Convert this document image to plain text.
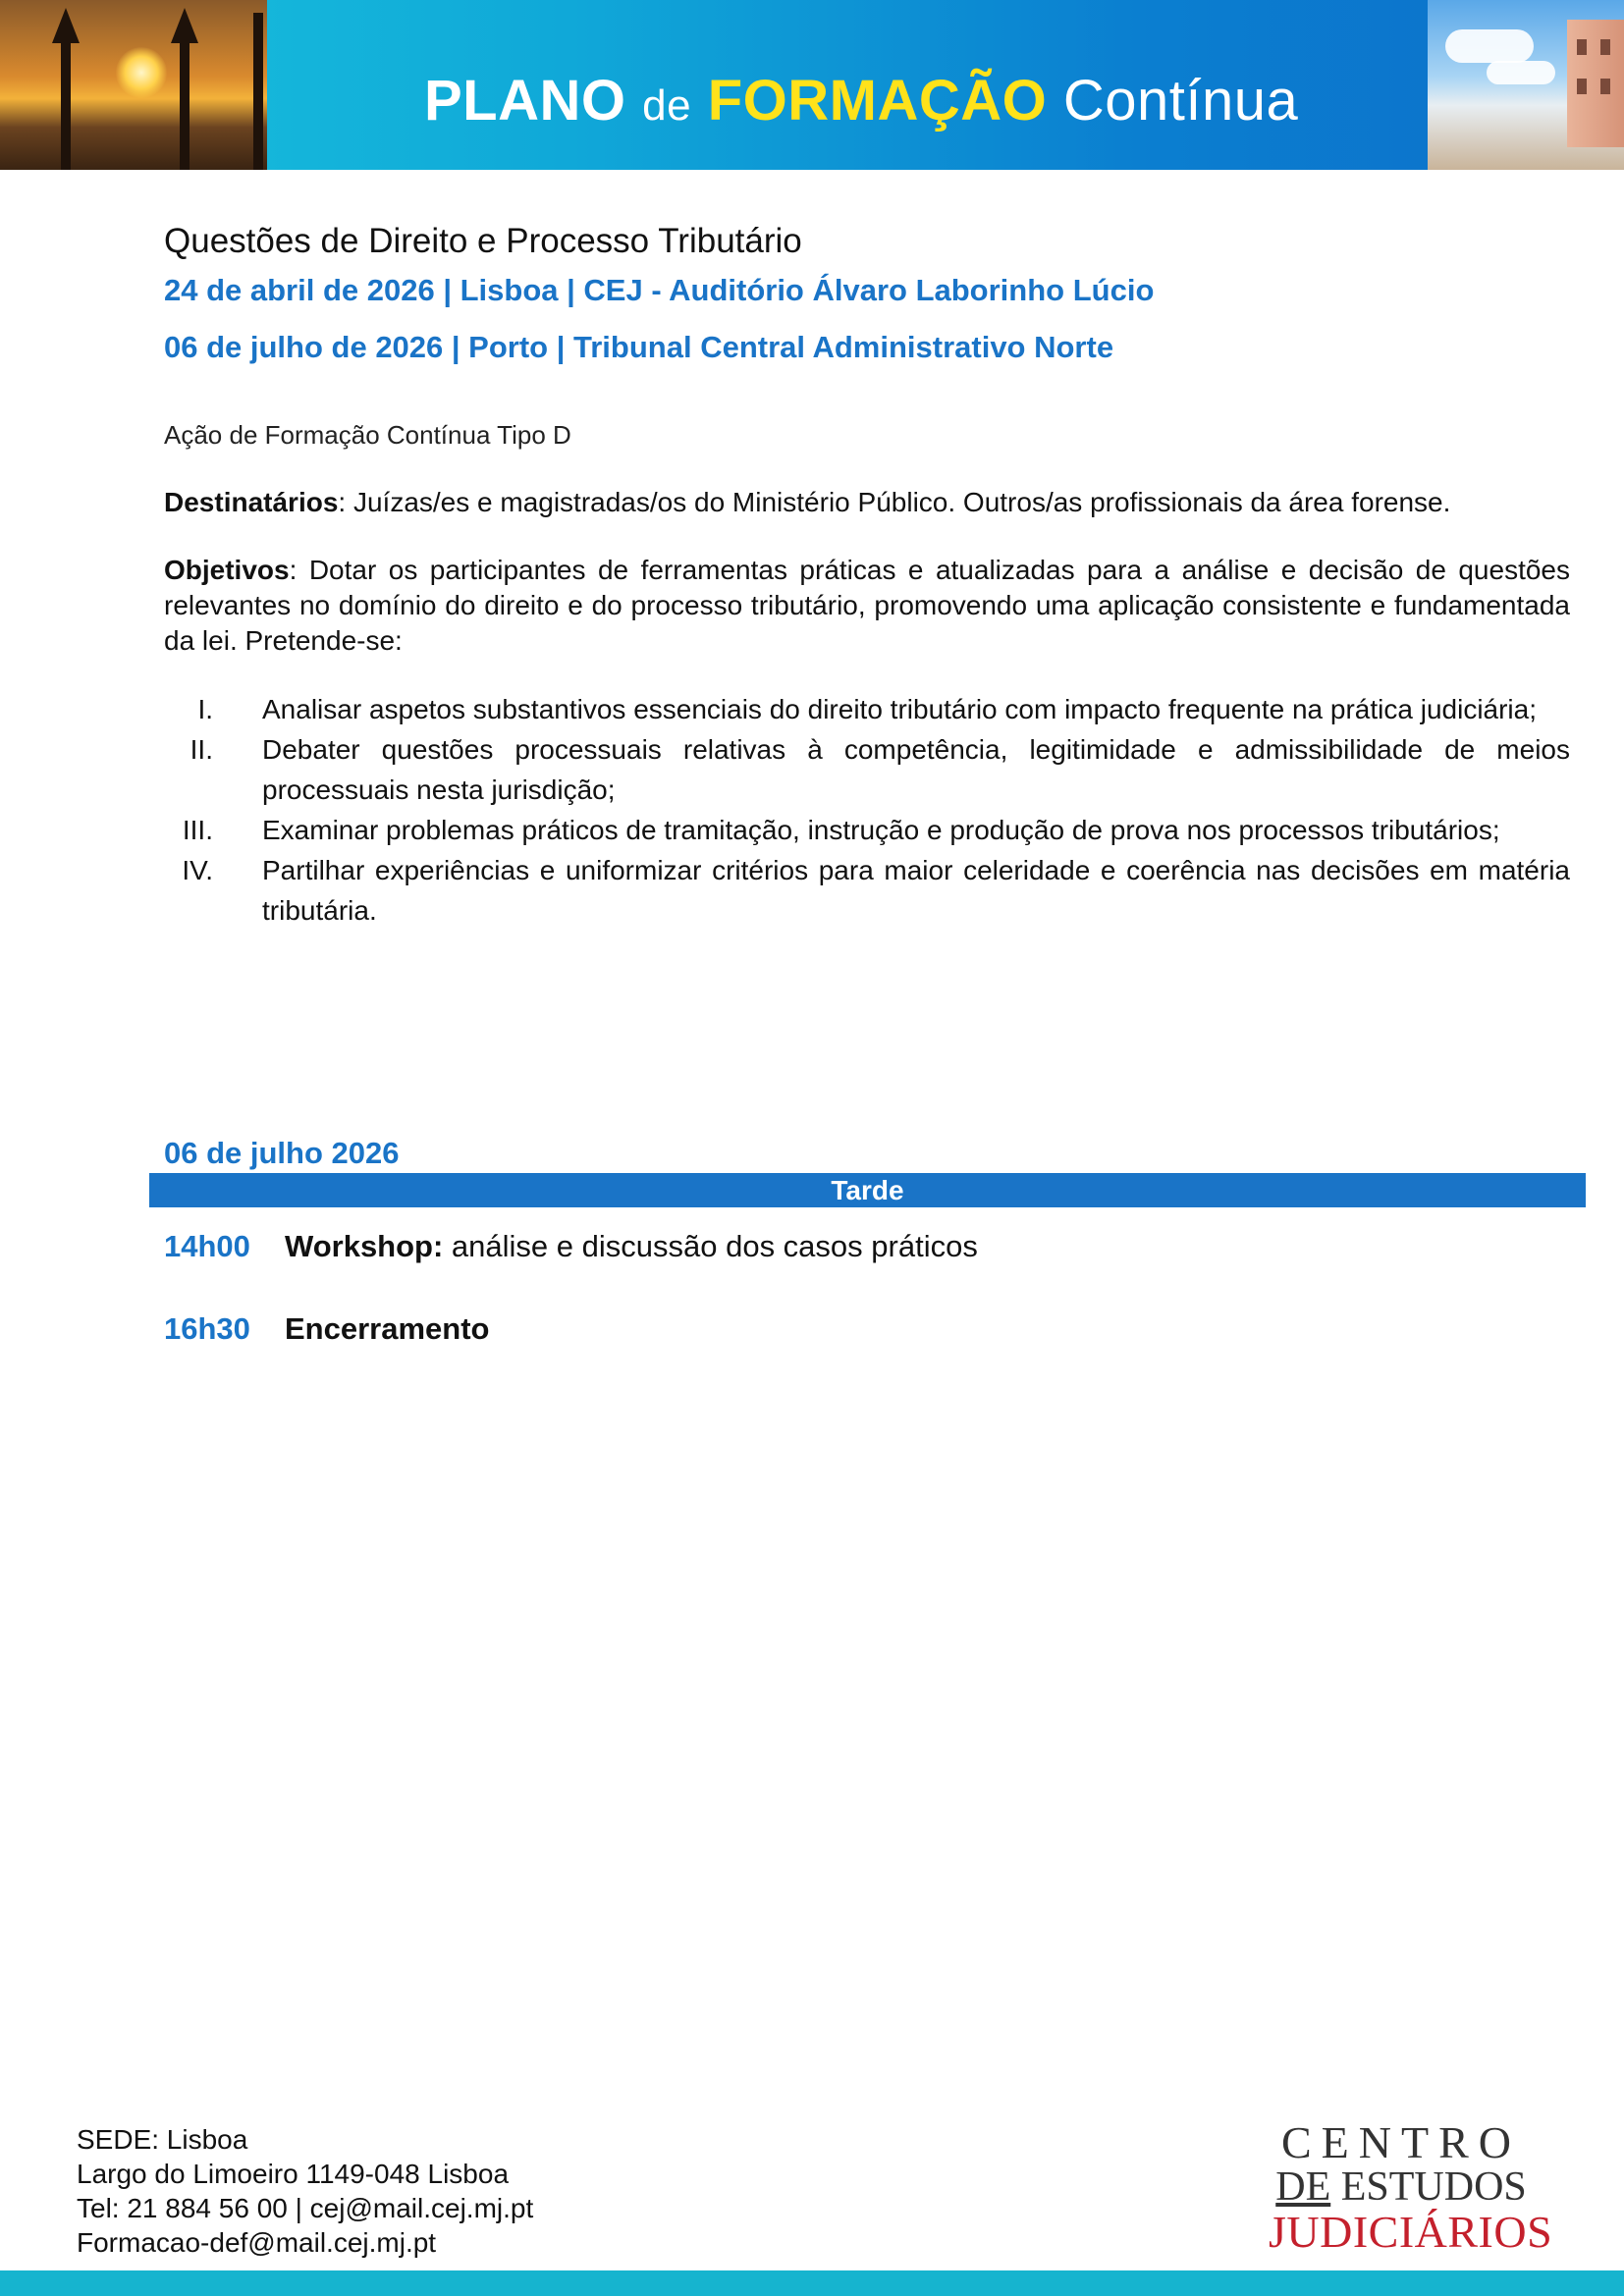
PLANO de FORMAÇÃO Contínua
Questões de Direito e Processo Tributário
24 de abril de 2026 | Lisboa | CEJ - Auditório Álvaro Laborinho Lúcio
06 de julho de 2026 | Porto | Tribunal Central Administrativo Norte
Ação de Formação Contínua Tipo D
Destinatários: Juízas/es e magistradas/os do Ministério Público. Outros/as profissionais da área forense.
Objetivos: Dotar os participantes de ferramentas práticas e atualizadas para a análise e decisão de questões relevantes no domínio do direito e do processo tributário, promovendo uma aplicação consistente e fundamentada da lei. Pretende-se:
I. Analisar aspetos substantivos essenciais do direito tributário com impacto frequente na prática judiciária;
II. Debater questões processuais relativas à competência, legitimidade e admissibilidade de meios processuais nesta jurisdição;
III. Examinar problemas práticos de tramitação, instrução e produção de prova nos processos tributários;
IV. Partilhar experiências e uniformizar critérios para maior celeridade e coerência nas decisões em matéria tributária.
06 de julho 2026
Tarde
14h00 Workshop: análise e discussão dos casos práticos
16h30 Encerramento
SEDE: Lisboa
Largo do Limoeiro 1149-048 Lisboa
Tel: 21 884 56 00 | cej@mail.cej.mj.pt
Formacao-def@mail.cej.mj.pt
CENTRO
DE ESTUDOS
JUDICIÁRIOS
